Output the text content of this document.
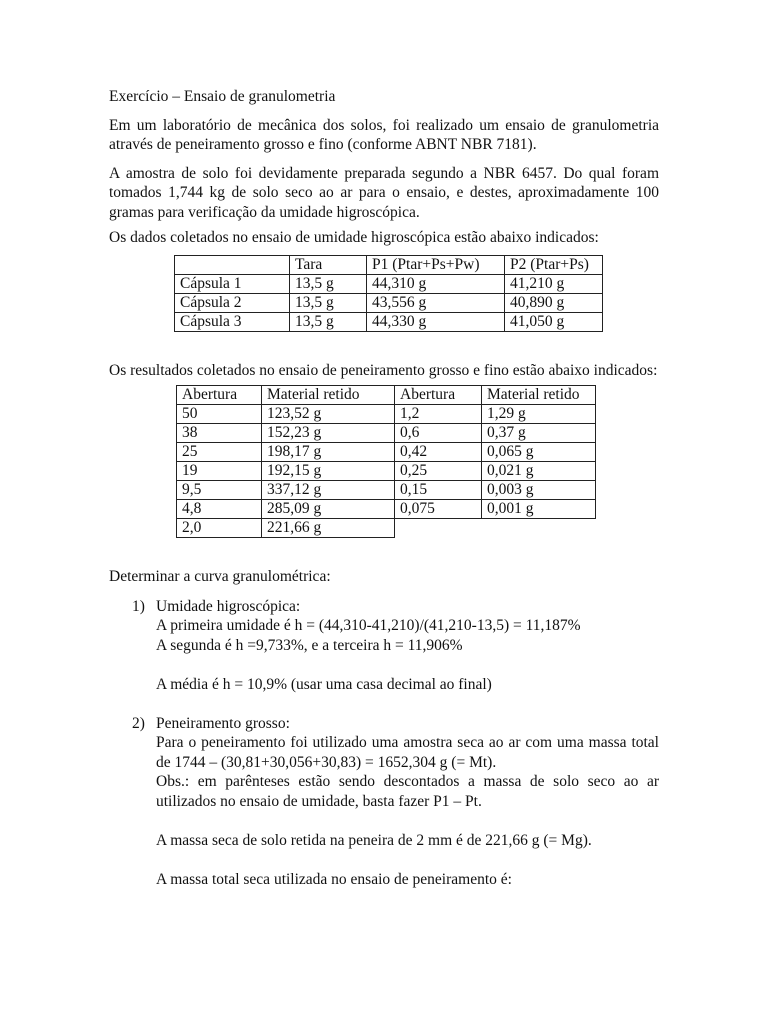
Exercício – Ensaio de granulometria

Em um laboratório de mecânica dos solos, foi realizado um ensaio de granulometria através de peneiramento grosso e fino (conforme ABNT NBR 7181).

A amostra de solo foi devidamente preparada segundo a NBR 6457. Do qual foram tomados 1,744 kg de solo seco ao ar para o ensaio, e destes, aproximadamente 100 gramas para verificação da umidade higroscópica.

Os dados coletados no ensaio de umidade higroscópica estão abaixo indicados:

	Tara	P1 (Ptar+Ps+Pw)	P2 (Ptar+Ps)
Cápsula 1	13,5 g	44,310 g	41,210 g
Cápsula 2	13,5 g	43,556 g	40,890 g
Cápsula 3	13,5 g	44,330 g	41,050 g

Os resultados coletados no ensaio de peneiramento grosso e fino estão abaixo indicados:

Abertura	Material retido	Abertura	Material retido
50	123,52 g	1,2	1,29 g
38	152,23 g	0,6	0,37 g
25	198,17 g	0,42	0,065 g
19	192,15 g	0,25	0,021 g
9,5	337,12 g	0,15	0,003 g
4,8	285,09 g	0,075	0,001 g
2,0	221,66 g		

Determinar a curva granulométrica:

1) Umidade higroscópica:

A primeira umidade é h = (44,310-41,210)/(41,210-13,5) = 11,187%

A segunda é h =9,733%, e a terceira h = 11,906%

A média é h = 10,9% (usar uma casa decimal ao final)

2) Peneiramento grosso:

Para o peneiramento foi utilizado uma amostra seca ao ar com uma massa total de 1744 – (30,81+30,056+30,83) = 1652,304 g (= Mt).

Obs.: em parênteses estão sendo descontados a massa de solo seco ao ar utilizados no ensaio de umidade, basta fazer P1 – Pt.

A massa seca de solo retida na peneira de 2 mm é de 221,66 g (= Mg).

A massa total seca utilizada no ensaio de peneiramento é:
